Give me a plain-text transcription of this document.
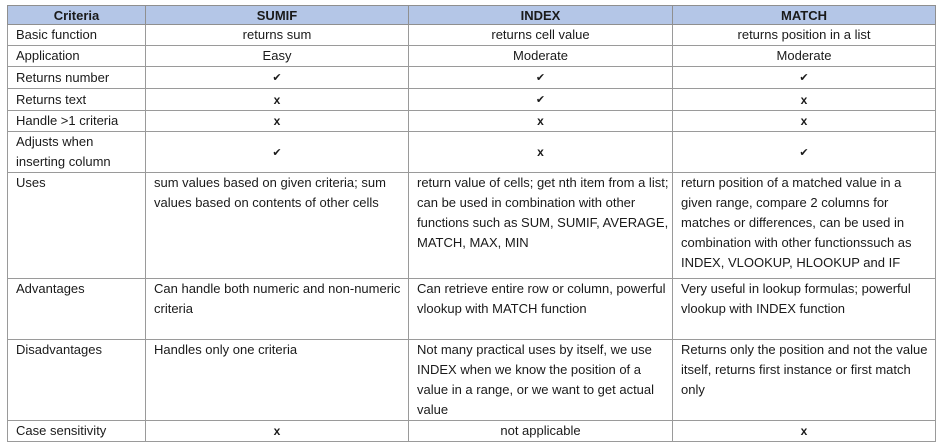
Criteria	SUMIF	INDEX	MATCH
Basic function	returns sum	returns cell value	returns position in a list
Application	Easy	Moderate	Moderate
Returns number	✔	✔	✔
Returns text	x	✔	x
Handle >1 criteria	x	x	x
Adjusts when inserting column	✔	x	✔
Uses	sum values based on given criteria; sum values based on contents of other cells	return value of cells; get nth item from a list; can be used in combination with other functions such as SUM, SUMIF, AVERAGE, MATCH, MAX, MIN	return position of a matched value in a given range, compare 2 columns for matches or differences, can be used in combination with other functionssuch as INDEX, VLOOKUP, HLOOKUP and IF
Advantages	Can handle both numeric and non-numeric criteria	Can retrieve entire row or column, powerful vlookup with MATCH function	Very useful in lookup formulas; powerful vlookup with INDEX function
Disadvantages	Handles only one criteria	Not many practical uses by itself, we use INDEX when we know the position of a value in a range, or we want to get actual value	Returns only the position and not the value itself, returns first instance or first match only
Case sensitivity	x	not applicable	x
